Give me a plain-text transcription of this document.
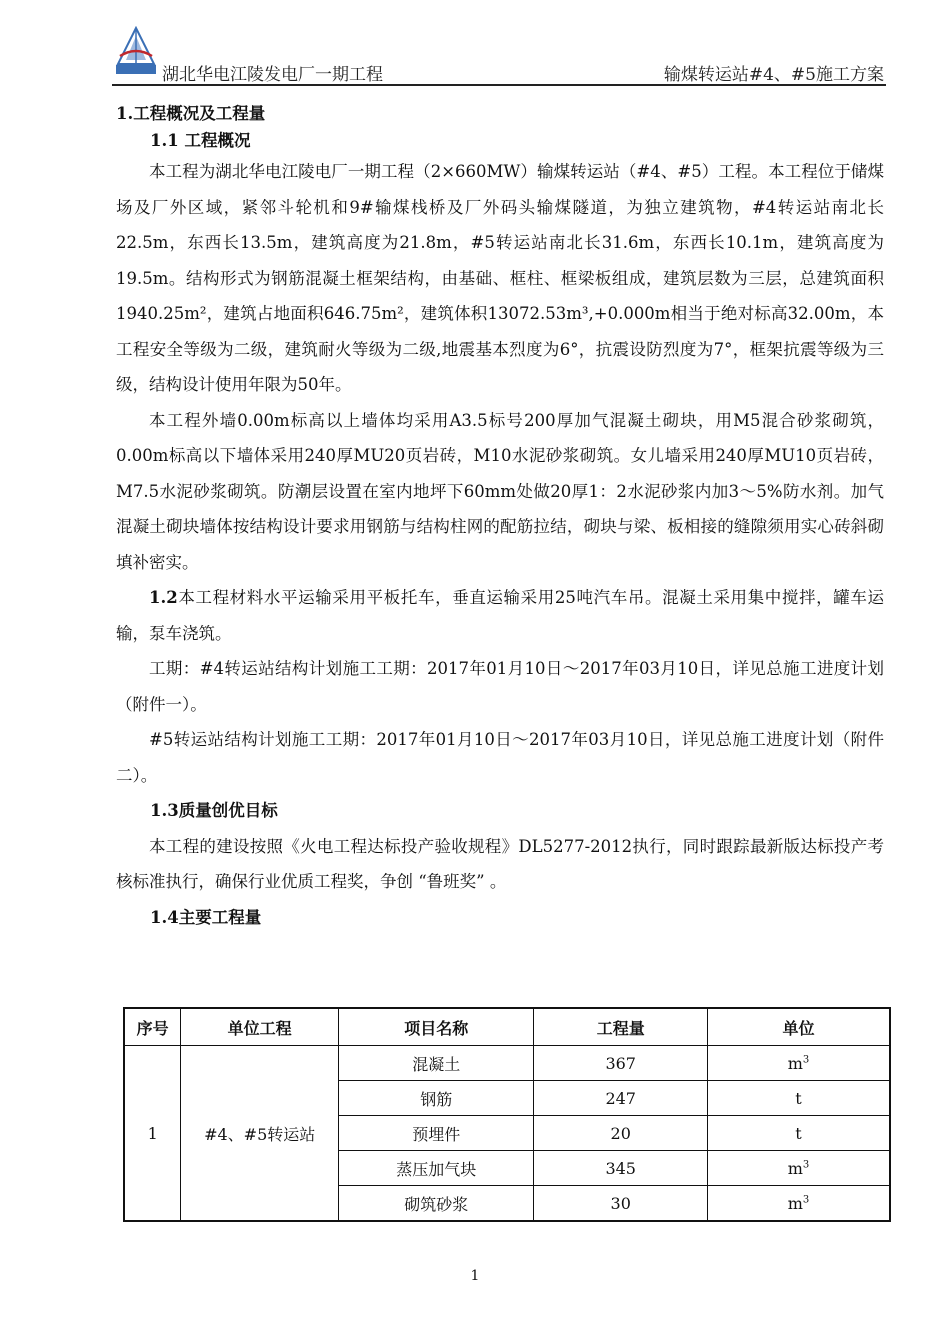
湖北华电江陵发电厂一期工程	输煤转运站#4、#5施工方案

1.工程概况及工程量

1.1 工程概况

本工程为湖北华电江陵电厂一期工程（2×660MW）输煤转运站（#4、#5）工程。本工程位于储煤场及厂外区域，紧邻斗轮机和9#输煤栈桥及厂外码头输煤隧道，为独立建筑物，#4转运站南北长22.5m，东西长13.5m，建筑高度为21.8m，#5转运站南北长31.6m，东西长10.1m，建筑高度为19.5m。结构形式为钢筋混凝土框架结构，由基础、框柱、框梁板组成，建筑层数为三层，总建筑面积1940.25m²，建筑占地面积646.75m²，建筑体积13072.53m³,+0.000m相当于绝对标高32.00m，本工程安全等级为二级，建筑耐火等级为二级,地震基本烈度为6°，抗震设防烈度为7°，框架抗震等级为三级，结构设计使用年限为50年。

本工程外墙0.00m标高以上墙体均采用A3.5标号200厚加气混凝土砌块，用M5混合砂浆砌筑，0.00m标高以下墙体采用240厚MU20页岩砖，M10水泥砂浆砌筑。女儿墙采用240厚MU10页岩砖，M7.5水泥砂浆砌筑。防潮层设置在室内地坪下60mm处做20厚1：2水泥砂浆内加3～5%防水剂。加气混凝土砌块墙体按结构设计要求用钢筋与结构柱网的配筋拉结，砌块与梁、板相接的缝隙须用实心砖斜砌填补密实。

1.2本工程材料水平运输采用平板托车，垂直运输采用25吨汽车吊。混凝土采用集中搅拌，罐车运输，泵车浇筑。

工期：#4转运站结构计划施工工期：2017年01月10日～2017年03月10日，详见总施工进度计划（附件一）。

#5转运站结构计划施工工期：2017年01月10日～2017年03月10日，详见总施工进度计划（附件二）。

1.3质量创优目标

本工程的建设按照《火电工程达标投产验收规程》DL5277-2012执行，同时跟踪最新版达标投产考核标准执行，确保行业优质工程奖，争创 “鲁班奖” 。

1.4主要工程量

序号	单位工程	项目名称	工程量	单位
1	#4、#5转运站	混凝土	367	$m^3$
		钢筋	247	t
		预埋件	20	t
		蒸压加气块	345	$m^3$
		砌筑砂浆	30	$m^3$
1
